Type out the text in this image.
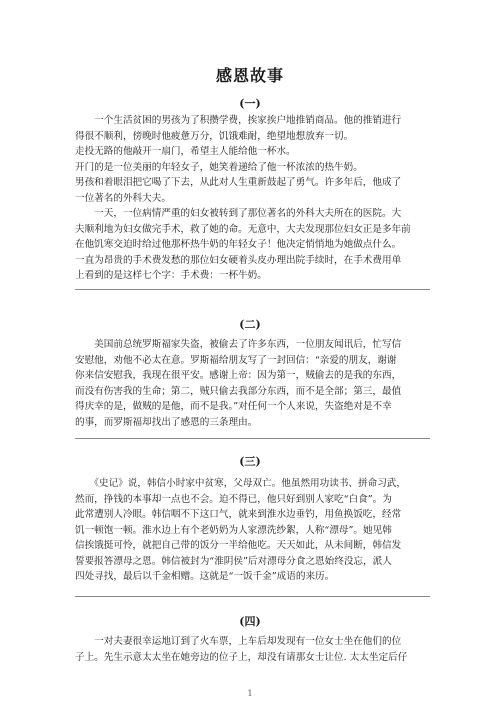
感恩故事
(一)
　　一个生活贫困的男孩为了积攒学费，挨家挨户地推销商品。他的推销进行
得很不顺利，傍晚时他疲惫万分，饥饿难耐，绝望地想放弃一切。
走投无路的他敲开一扇门，希望主人能给他一杯水。
开门的是一位美丽的年轻女子，她笑着递给了他一杯浓浓的热牛奶。
男孩和着眼泪把它喝了下去，从此对人生重新鼓起了勇气。许多年后，他成了
一位著名的外科大夫。
　　一天，一位病情严重的妇女被转到了那位著名的外科大夫所在的医院。大
夫顺利地为妇女做完手术，救了她的命。无意中，大夫发现那位妇女正是多年前
在他饥寒交迫时给过他那杯热牛奶的年轻女子！他决定悄悄地为她做点什么。
一直为昂贵的手术费发愁的那位妇女硬着头皮办理出院手续时，在手术费用单
上看到的是这样七个字：手术费：一杯牛奶。
(二)
　　美国前总统罗斯福家失盗，被偷去了许多东西，一位朋友闻讯后，忙写信
安慰他，劝他不必太在意。罗斯福给朋友写了一封回信：“亲爱的朋友，谢谢
你来信安慰我，我现在很平安。感谢上帝：因为第一，贼偷去的是我的东西，
而没有伤害我的生命；第二，贼只偷去我部分东西，而不是全部；第三，最值
得庆幸的是，做贼的是他，而不是我。”对任何一个人来说，失盗绝对是不幸
的事，而罗斯福却找出了感恩的三条理由。
(三)
　　《史记》说，韩信小时家中贫寒，父母双亡。他虽然用功读书、拼命习武，
然而，挣钱的本事却一点也不会。迫不得已，他只好到别人家吃“白食”。为
此常遭别人冷眼。韩信咽不下这口气，就来到淮水边垂钓，用鱼换饭吃，经常
饥一顿饱一顿。淮水边上有个老奶奶为人家漂洗纱絮，人称“漂母”。她见韩
信挨饿挺可怜，就把自己带的饭分一半给他吃。天天如此，从未间断，韩信发
誓要报答漂母之恩。韩信被封为“淮阴侯”后对漂母分食之恩始终没忘，派人
四处寻找，最后以千金相赠。这就是“一饭千金”成语的来历。
(四)
　　一对夫妻很幸运地订到了火车票，上车后却发现有一位女士坐在他们的位
子上。先生示意太太坐在她旁边的位子上，却没有请那女士让位. 太太坐定后仔
1
